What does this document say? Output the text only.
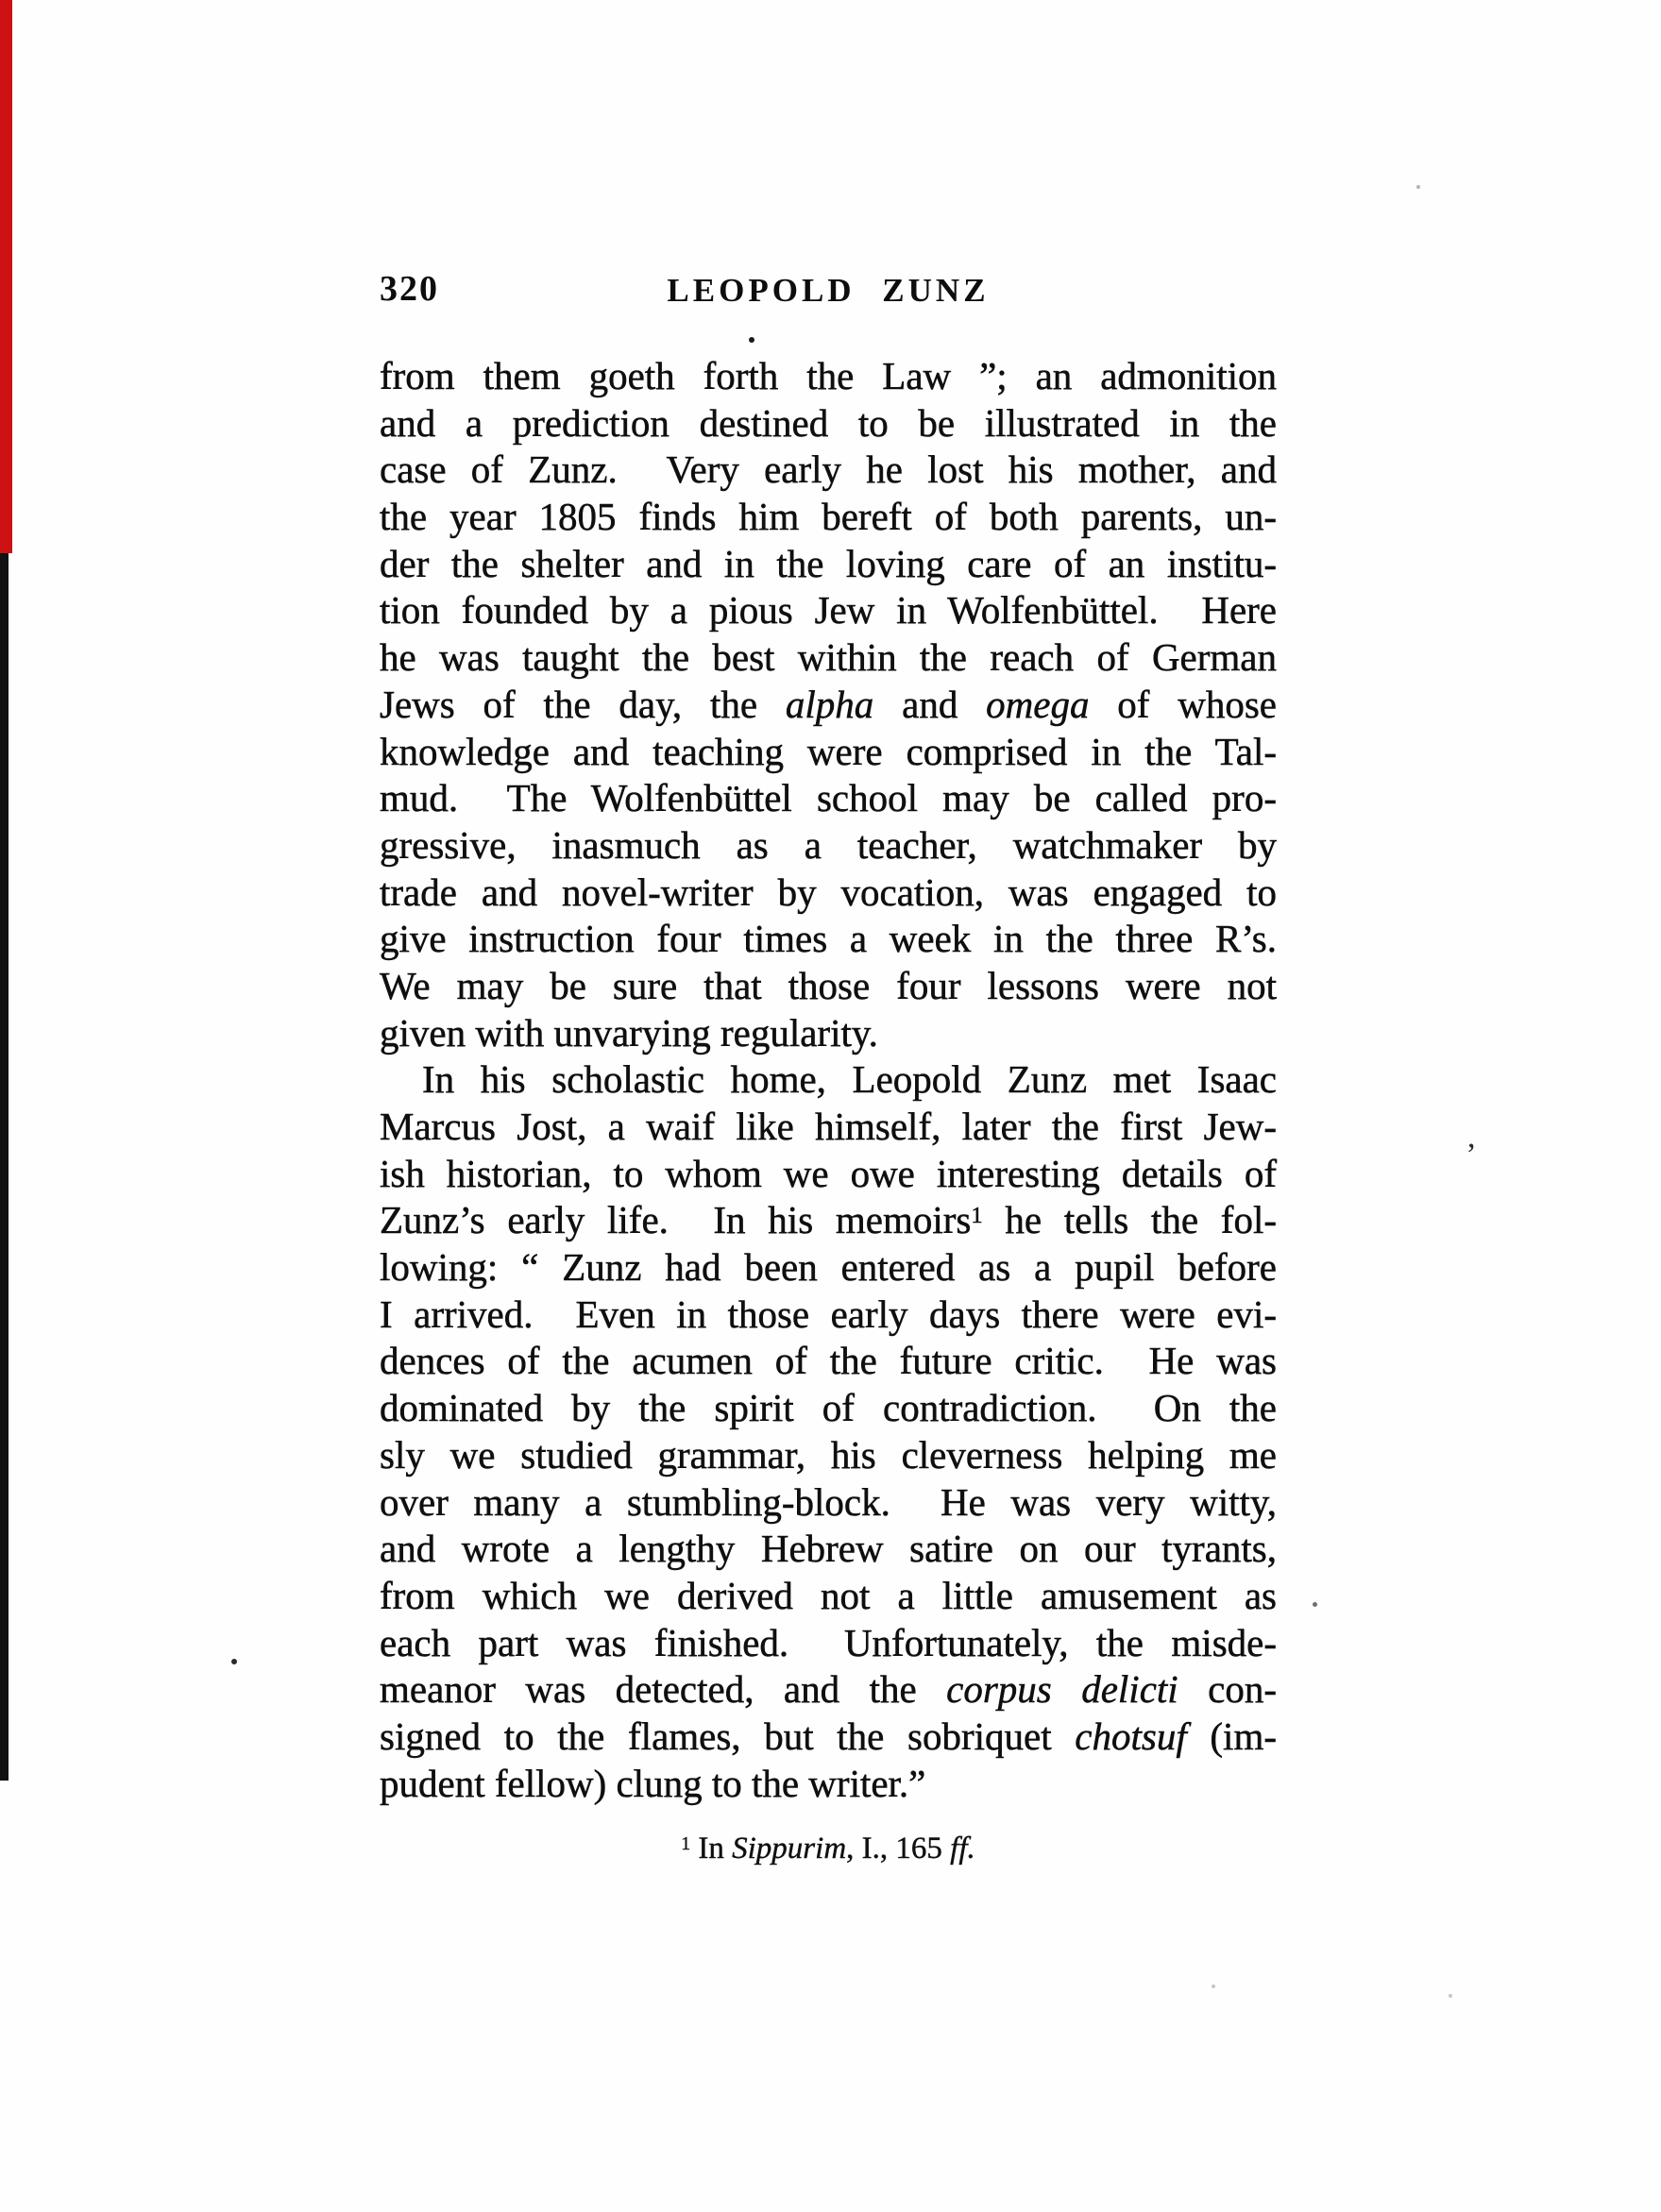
320	LEOPOLD ZUNZ
from them goeth forth the Law ”; an admonition
and a prediction destined to be illustrated in the
case of Zunz.  Very early he lost his mother, and
the year 1805 finds him bereft of both parents, un-
der the shelter and in the loving care of an institu-
tion founded by a pious Jew in Wolfenbüttel.  Here
he was taught the best within the reach of German
Jews of the day, the alpha and omega of whose
knowledge and teaching were comprised in the Tal-
mud.  The Wolfenbüttel school may be called pro-
gressive, inasmuch as a teacher, watchmaker by
trade and novel-writer by vocation, was engaged to
give instruction four times a week in the three R’s.
We may be sure that those four lessons were not
given with unvarying regularity.
In his scholastic home, Leopold Zunz met Isaac
Marcus Jost, a waif like himself, later the first Jew-
ish historian, to whom we owe interesting details of
Zunz’s early life.  In his memoirs$^1$ he tells the fol-
lowing: “ Zunz had been entered as a pupil before
I arrived.  Even in those early days there were evi-
dences of the acumen of the future critic.  He was
dominated by the spirit of contradiction.  On the
sly we studied grammar, his cleverness helping me
over many a stumbling-block.  He was very witty,
and wrote a lengthy Hebrew satire on our tyrants,
from which we derived not a little amusement as
each part was finished.  Unfortunately, the misde-
meanor was detected, and the corpus delicti con-
signed to the flames, but the sobriquet chotsuf (im-
pudent fellow) clung to the writer.”
$^1$ In Sippurim, I., 165 ff.
,
